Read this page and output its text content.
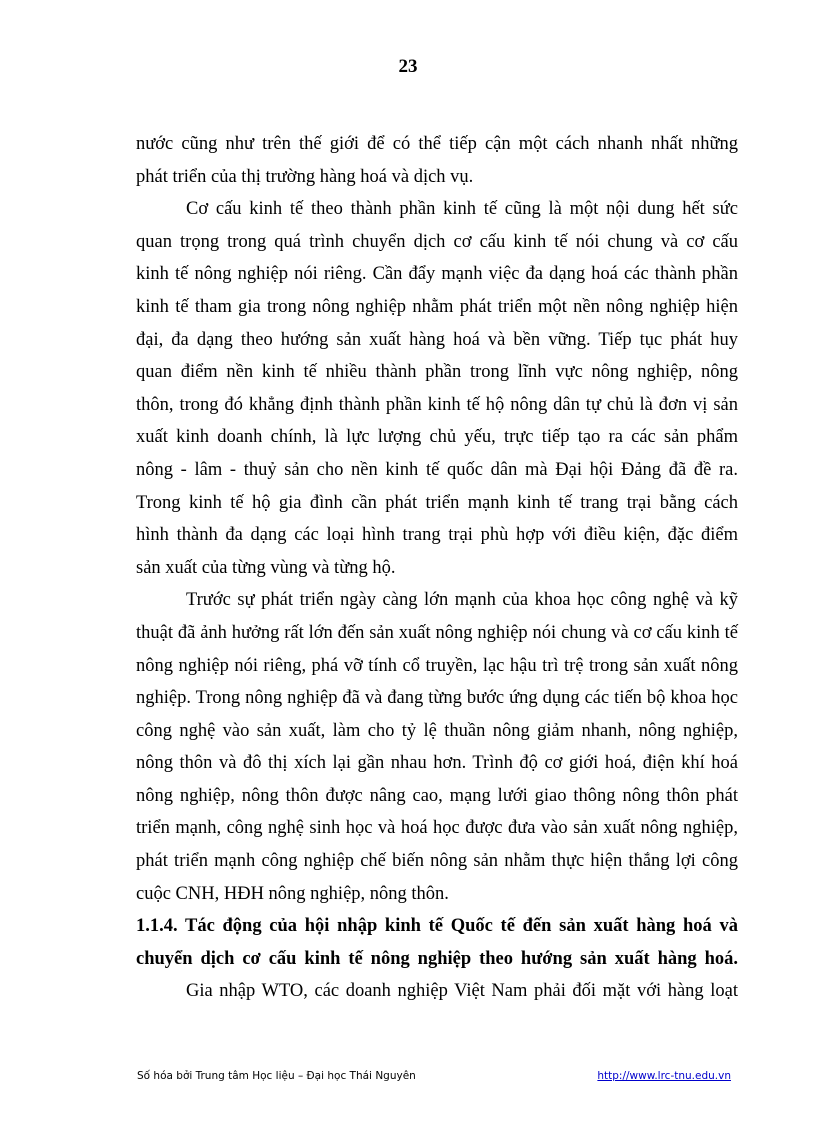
23
nước cũng như trên thế giới để có thể tiếp cận một cách nhanh nhất những
phát triển của thị trường hàng hoá và dịch vụ.
Cơ cấu kinh tế theo thành phần kinh tế cũng là một nội dung hết sức
quan trọng trong quá trình chuyển dịch cơ cấu kinh tế nói chung và cơ cấu
kinh tế nông nghiệp nói riêng. Cần đẩy mạnh việc đa dạng hoá các thành phần
kinh tế tham gia trong nông nghiệp nhằm phát triển một nền nông nghiệp hiện
đại, đa dạng theo hướng sản xuất hàng hoá và bền vững. Tiếp tục phát huy
quan điểm nền kinh tế nhiều thành phần trong lĩnh vực nông nghiệp, nông
thôn, trong đó khẳng định thành phần kinh tế hộ nông dân tự chủ là đơn vị sản
xuất kinh doanh chính, là lực lượng chủ yếu, trực tiếp tạo ra các sản phẩm
nông - lâm - thuỷ sản cho nền kinh tế quốc dân mà Đại hội Đảng đã đề ra.
Trong kinh tế hộ gia đình cần phát triển mạnh kinh tế trang trại bằng cách
hình thành đa dạng các loại hình trang trại phù hợp với điều kiện, đặc điểm
sản xuất của từng vùng và từng hộ.
Trước sự phát triển ngày càng lớn mạnh của khoa học công nghệ và kỹ
thuật đã ảnh hưởng rất lớn đến sản xuất nông nghiệp nói chung và cơ cấu kinh tế
nông nghiệp nói riêng, phá vỡ tính cổ truyền, lạc hậu trì trệ trong sản xuất nông
nghiệp. Trong nông nghiệp đã và đang từng bước ứng dụng các tiến bộ khoa học
công nghệ vào sản xuất, làm cho tỷ lệ thuần nông giảm nhanh, nông nghiệp,
nông thôn và đô thị xích lại gần nhau hơn. Trình độ cơ giới hoá, điện khí hoá
nông nghiệp, nông thôn được nâng cao, mạng lưới giao thông nông thôn phát
triển mạnh, công nghệ sinh học và hoá học được đưa vào sản xuất nông nghiệp,
phát triển mạnh công nghiệp chế biến nông sản nhằm thực hiện thắng lợi công
cuộc CNH, HĐH nông nghiệp, nông thôn.
1.1.4. Tác động của hội nhập kinh tế Quốc tế đến sản xuất hàng hoá và
chuyển dịch cơ cấu kinh tế nông nghiệp theo hướng sản xuất hàng hoá.
Gia nhập WTO, các doanh nghiệp Việt Nam phải đối mặt với hàng loạt
Số hóa bởi Trung tâm Học liệu – Đại học Thái Nguyên	http://www.lrc-tnu.edu.vn
